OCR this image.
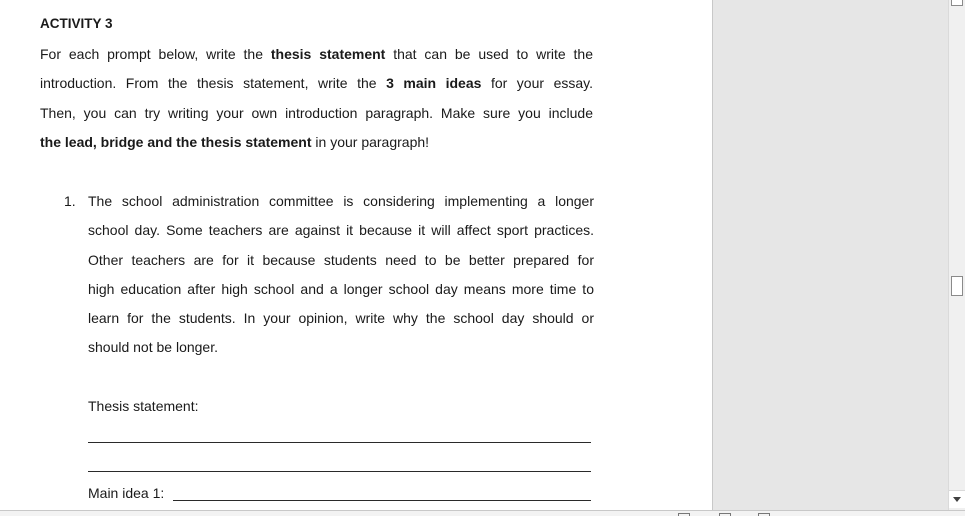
ACTIVITY 3
For each prompt below, write the thesis statement that can be used to write the
introduction. From the thesis statement, write the 3 main ideas for your essay.
Then, you can try writing your own introduction paragraph. Make sure you include
the lead, bridge and the thesis statement in your paragraph!
1. The school administration committee is considering implementing a longer
school day. Some teachers are against it because it will affect sport practices.
Other teachers are for it because students need to be better prepared for
high education after high school and a longer school day means more time to
learn for the students. In your opinion, write why the school day should or
should not be longer.
Thesis statement:
Main idea 1:
